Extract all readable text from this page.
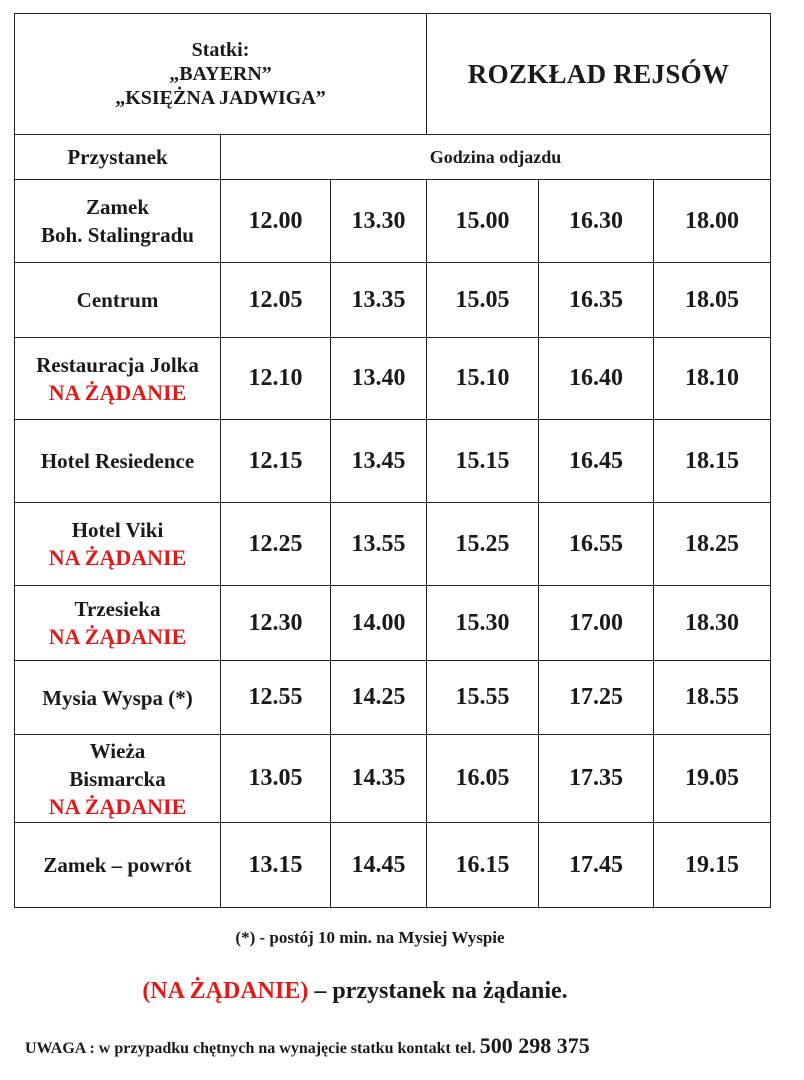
Statki:
„BAYERN”
„KSIĘŻNA JADWIGA”			ROZKŁAD REJSÓW		
Przystanek	Godzina odjazdu				

Zamek
Boh. Stalingradu	12.00	13.30	15.00	16.30	18.00

Centrum	12.05	13.35	15.05	16.35	18.05

Restauracja Jolka
NA ŻĄDANIE	12.10	13.40	15.10	16.40	18.10

Hotel Resiedence	12.15	13.45	15.15	16.45	18.15

Hotel Viki
NA ŻĄDANIE	12.25	13.55	15.25	16.55	18.25

Trzesieka
NA ŻĄDANIE	12.30	14.00	15.30	17.00	18.30

Mysia Wyspa (*)	12.55	14.25	15.55	17.25	18.55

Wieża
Bismarcka
NA ŻĄDANIE	13.05	14.35	16.05	17.35	19.05

Zamek – powrót	13.15	14.45	16.15	17.45	19.15
(*) - postój 10 min. na Mysiej Wyspie
(NA ŻĄDANIE) – przystanek na żądanie.
UWAGA : w przypadku chętnych na wynajęcie statku kontakt tel. 500 298 375
